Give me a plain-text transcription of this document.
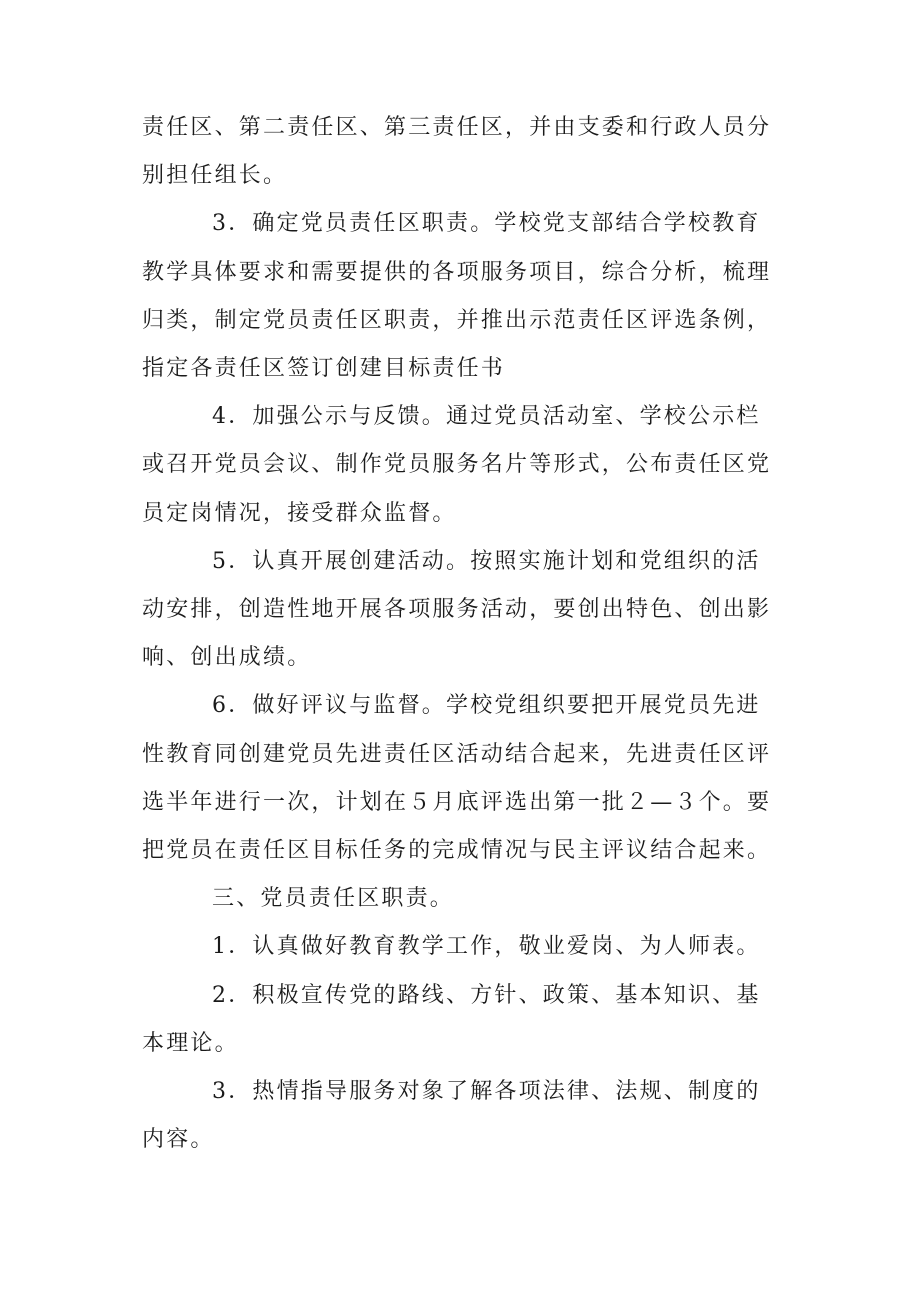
责任区、第二责任区、第三责任区，并由支委和行政人员分
别担任组长。

3．确定党员责任区职责。学校党支部结合学校教育
教学具体要求和需要提供的各项服务项目，综合分析，梳理
归类，制定党员责任区职责，并推出示范责任区评选条例，
指定各责任区签订创建目标责任书

4．加强公示与反馈。通过党员活动室、学校公示栏
或召开党员会议、制作党员服务名片等形式，公布责任区党
员定岗情况，接受群众监督。

5．认真开展创建活动。按照实施计划和党组织的活
动安排，创造性地开展各项服务活动，要创出特色、创出影
响、创出成绩。

6．做好评议与监督。学校党组织要把开展党员先进
性教育同创建党员先进责任区活动结合起来，先进责任区评
选半年进行一次，计划在５月底评选出第一批２—３个。要
把党员在责任区目标任务的完成情况与民主评议结合起来。

三、党员责任区职责。

1．认真做好教育教学工作，敬业爱岗、为人师表。

2．积极宣传党的路线、方针、政策、基本知识、基
本理论。

3．热情指导服务对象了解各项法律、法规、制度的
内容。
